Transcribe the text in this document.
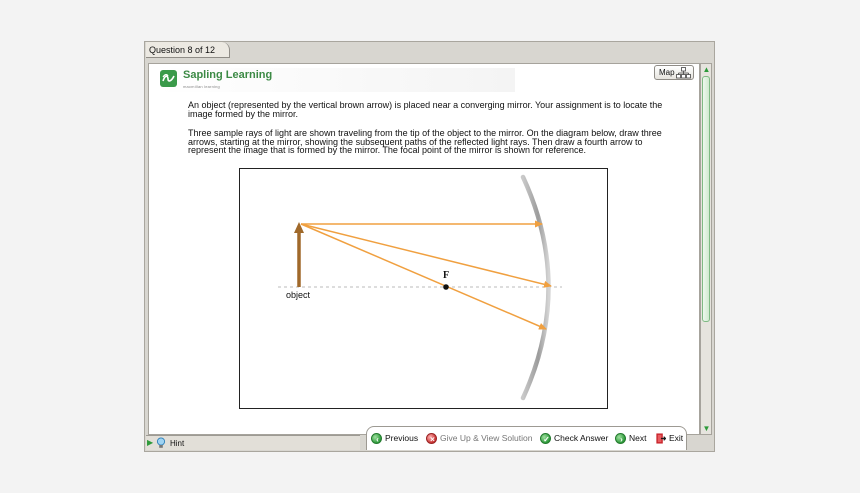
Question 8 of 12
Sapling Learning
macmillan learning
Map

An object (represented by the vertical brown arrow) is placed near a converging mirror. Your assignment is to locate the image formed by the mirror.

Three sample rays of light are shown traveling from the tip of the object to the mirror. On the diagram below, draw three arrows, starting at the mirror, showing the subsequent paths of the reflected light rays. Then draw a fourth arrow to represent the image that is formed by the mirror. The focal point of the mirror is shown for reference.

F
object
▲
▼
▶ Hint	‹ Previous	× Give Up & View Solution ✓ Check Answer	› Next	Exit
